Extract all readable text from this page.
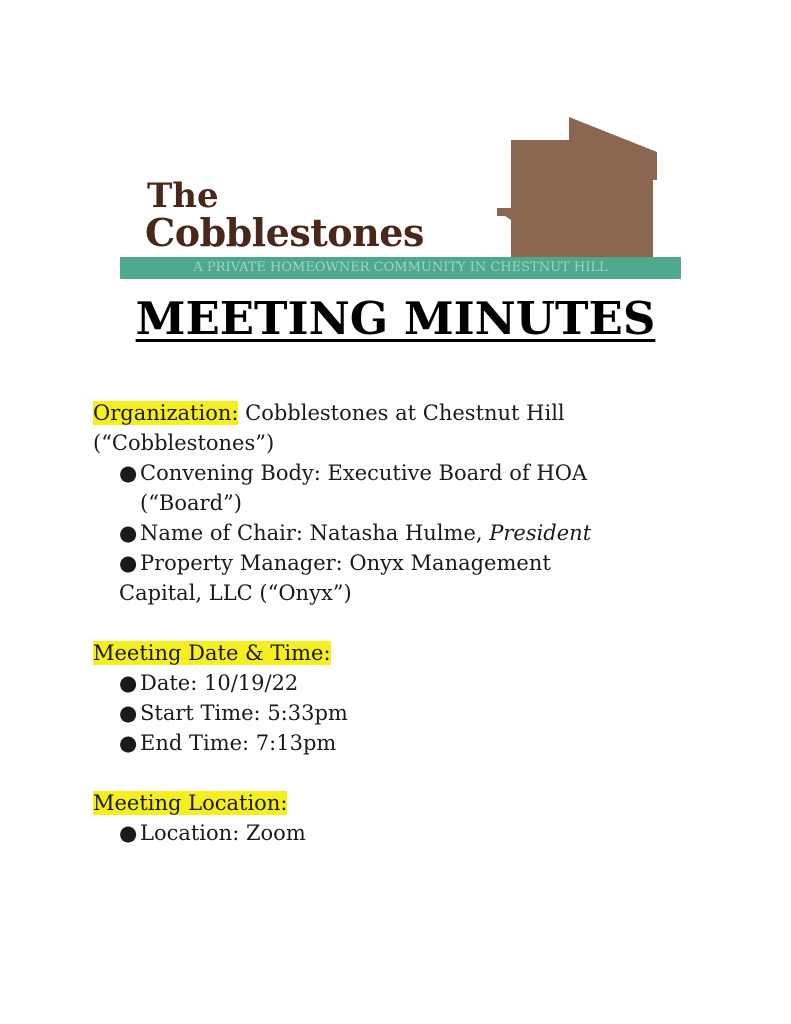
The
Cobblestones
A PRIVATE HOMEOWNER COMMUNITY IN CHESTNUT HILL
MEETING MINUTES

Organization: Cobblestones at Chestnut Hill

(“Cobblestones”)

● Convening Body: Executive Board of HOA

(“Board”)

● Name of Chair: Natasha Hulme, President

● Property Manager: Onyx Management

Capital, LLC (“Onyx”)

Meeting Date & Time:

● Date: 10/19/22

● Start Time: 5:33pm

● End Time: 7:13pm

Meeting Location:

● Location: Zoom
